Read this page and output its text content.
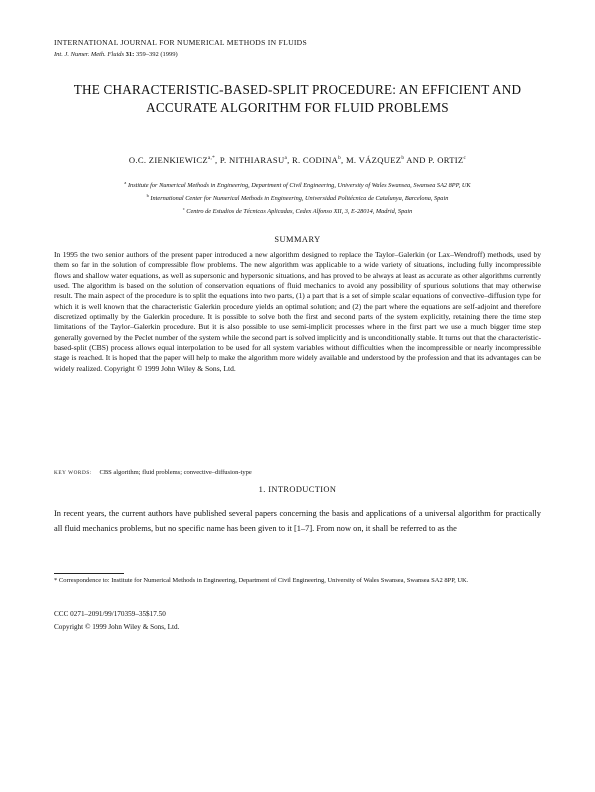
INTERNATIONAL JOURNAL FOR NUMERICAL METHODS IN FLUIDS
Int. J. Numer. Meth. Fluids 31: 359–392 (1999)
THE CHARACTERISTIC-BASED-SPLIT PROCEDURE: AN EFFICIENT AND ACCURATE ALGORITHM FOR FLUID PROBLEMS
O.C. $ZIENKIEWICZ^{a,*}$, P. NITHIARASU$^a$, R. CODINA$^b$, M. VÁZQUEZ$^b$ AND P. ORTIZ$^c$
$^a$ Institute for Numerical Methods in Engineering, Department of Civil Engineering, University of Wales Swansea, Swansea SA2 8PP, UK
$^b$ International Center for Numerical Methods in Engineering, Universidad Politécnica de Catalunya, Barcelona, Spain
$^c$ Centro de Estudios de Técnicas Aplicadas, Cedex Alfonso XII, 3, E-28014, Madrid, Spain
SUMMARY
In 1995 the two senior authors of the present paper introduced a new algorithm designed to replace the Taylor–Galerkin (or Lax–Wendroff) methods, used by them so far in the solution of compressible flow problems. The new algorithm was applicable to a wide variety of situations, including fully incompressible flows and shallow water equations, as well as supersonic and hypersonic situations, and has proved to be always at least as accurate as other algorithms currently used. The algorithm is based on the solution of conservation equations of fluid mechanics to avoid any possibility of spurious solutions that may otherwise result. The main aspect of the procedure is to split the equations into two parts, (1) a part that is a set of simple scalar equations of convective–diffusion type for which it is well known that the characteristic Galerkin procedure yields an optimal solution; and (2) the part where the equations are self-adjoint and therefore discretized optimally by the Galerkin procedure. It is possible to solve both the first and second parts of the system explicitly, retaining there the time step limitations of the Taylor–Galerkin procedure. But it is also possible to use semi-implicit processes where in the first part we use a much bigger time step generally governed by the Peclet number of the system while the second part is solved implicitly and is unconditionally stable. It turns out that the characteristic-based-split (CBS) process allows equal interpolation to be used for all system variables without difficulties when the incompressible or nearly incompressible stage is reached. It is hoped that the paper will help to make the algorithm more widely available and understood by the profession and that its advantages can be widely realized. Copyright © 1999 John Wiley & Sons, Ltd.
KEY WORDS: CBS algorithm; fluid problems; convective–diffusion-type
1. INTRODUCTION
In recent years, the current authors have published several papers concerning the basis and applications of a universal algorithm for practically all fluid mechanics problems, but no specific name has been given to it [1–7]. From now on, it shall be referred to as the
* Correspondence to: Institute for Numerical Methods in Engineering, Department of Civil Engineering, University of Wales Swansea, Swansea SA2 8PP, UK.
CCC 0271–2091/99/170359–35$17.50
Copyright © 1999 John Wiley & Sons, Ltd.
